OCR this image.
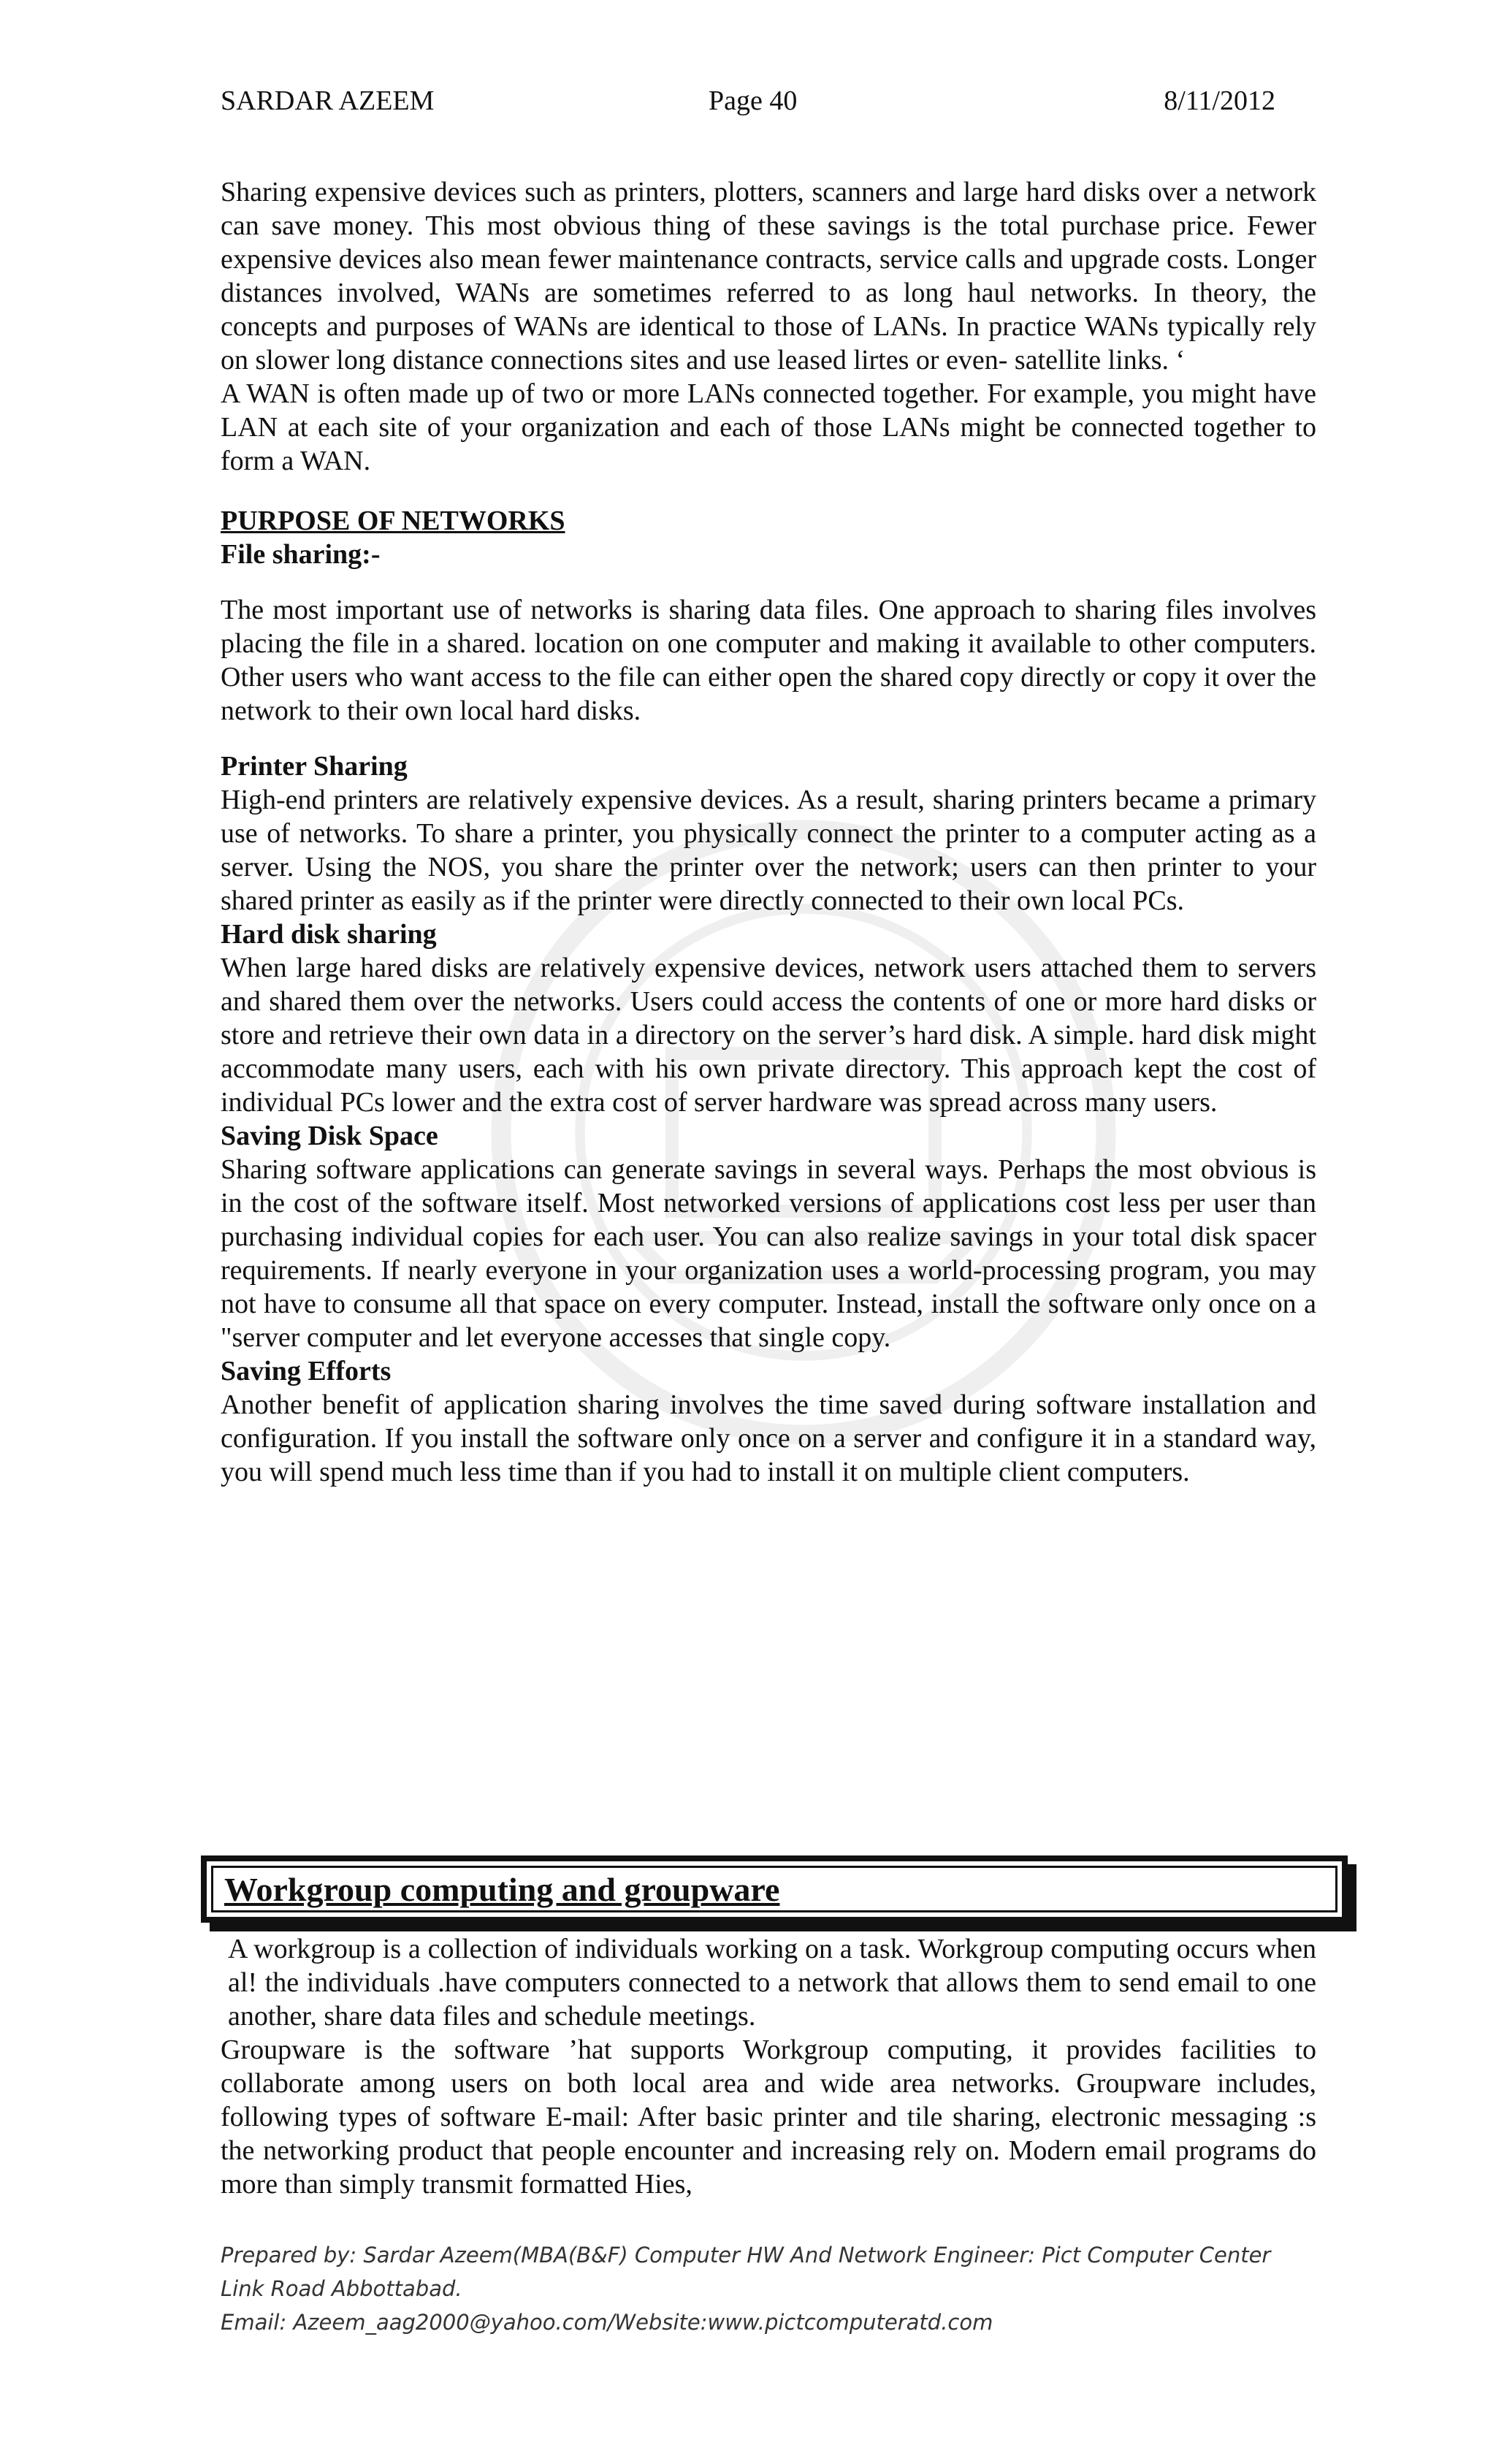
SARDAR AZEEM	Page 40	8/11/2012

Sharing expensive devices such as printers, plotters, scanners and large hard disks over a network can save money. This most obvious thing of these savings is the total purchase price. Fewer expensive devices also mean fewer maintenance contracts, service calls and upgrade costs. Longer distances involved, WANs are sometimes referred to as long haul networks. In theory, the concepts and purposes of WANs are identical to those of LANs. In practice WANs typically rely on slower long distance connections sites and use leased lirtes or even- satellite links. ‘

A WAN is often made up of two or more LANs connected together. For example, you might have LAN at each site of your organization and each of those LANs might be connected together to form a WAN.

PURPOSE OF NETWORKS
File sharing:-

The most important use of networks is sharing data files. One approach to sharing files involves placing the file in a shared. location on one computer and making it available to other computers. Other users who want access to the file can either open the shared copy directly or copy it over the network to their own local hard disks.

Printer Sharing

High-end printers are relatively expensive devices. As a result, sharing printers became a primary use of networks. To share a printer, you physically connect the printer to a computer acting as a server. Using the NOS, you share the printer over the network; users can then printer to your shared printer as easily as if the printer were directly connected to their own local PCs.

Hard disk sharing

When large hared disks are relatively expensive devices, network users attached them to servers and shared them over the networks. Users could access the contents of one or more hard disks or store and retrieve their own data in a directory on the server’s hard disk. A simple. hard disk might accommodate many users, each with his own private directory. This approach kept the cost of individual PCs lower and the extra cost of server hardware was spread across many users.

Saving Disk Space

Sharing software applications can generate savings in several ways. Perhaps the most obvious is in the cost of the software itself. Most networked versions of applications cost less per user than purchasing individual copies for each user. You can also realize savings in your total disk spacer requirements. If nearly everyone in your organization uses a world-processing program, you may not have to consume all that space on every computer. Instead, install the software only once on a "server computer and let everyone accesses that single copy.

Saving Efforts

Another benefit of application sharing involves the time saved during software installation and configuration. If you install the software only once on a server and configure it in a standard way, you will spend much less time than if you had to install it on multiple client computers.

Workgroup computing and groupware

A workgroup is a collection of individuals working on a task. Workgroup computing occurs when al! the individuals .have computers connected to a network that allows them to send email to one another, share data files and schedule meetings.

Groupware is the software ’hat supports Workgroup computing, it provides facilities to collaborate among users on both local area and wide area networks. Groupware includes, following types of software E-mail: After basic printer and tile sharing, electronic messaging :s the networking product that people encounter and increasing rely on. Modern email programs do more than simply transmit formatted Hies,

Prepared by: Sardar Azeem(MBA(B&F) Computer HW And Network Engineer: Pict Computer Center Link Road Abbottabad.
Email: Azeem_aag2000@yahoo.com/Website:www.pictcomputeratd.com
